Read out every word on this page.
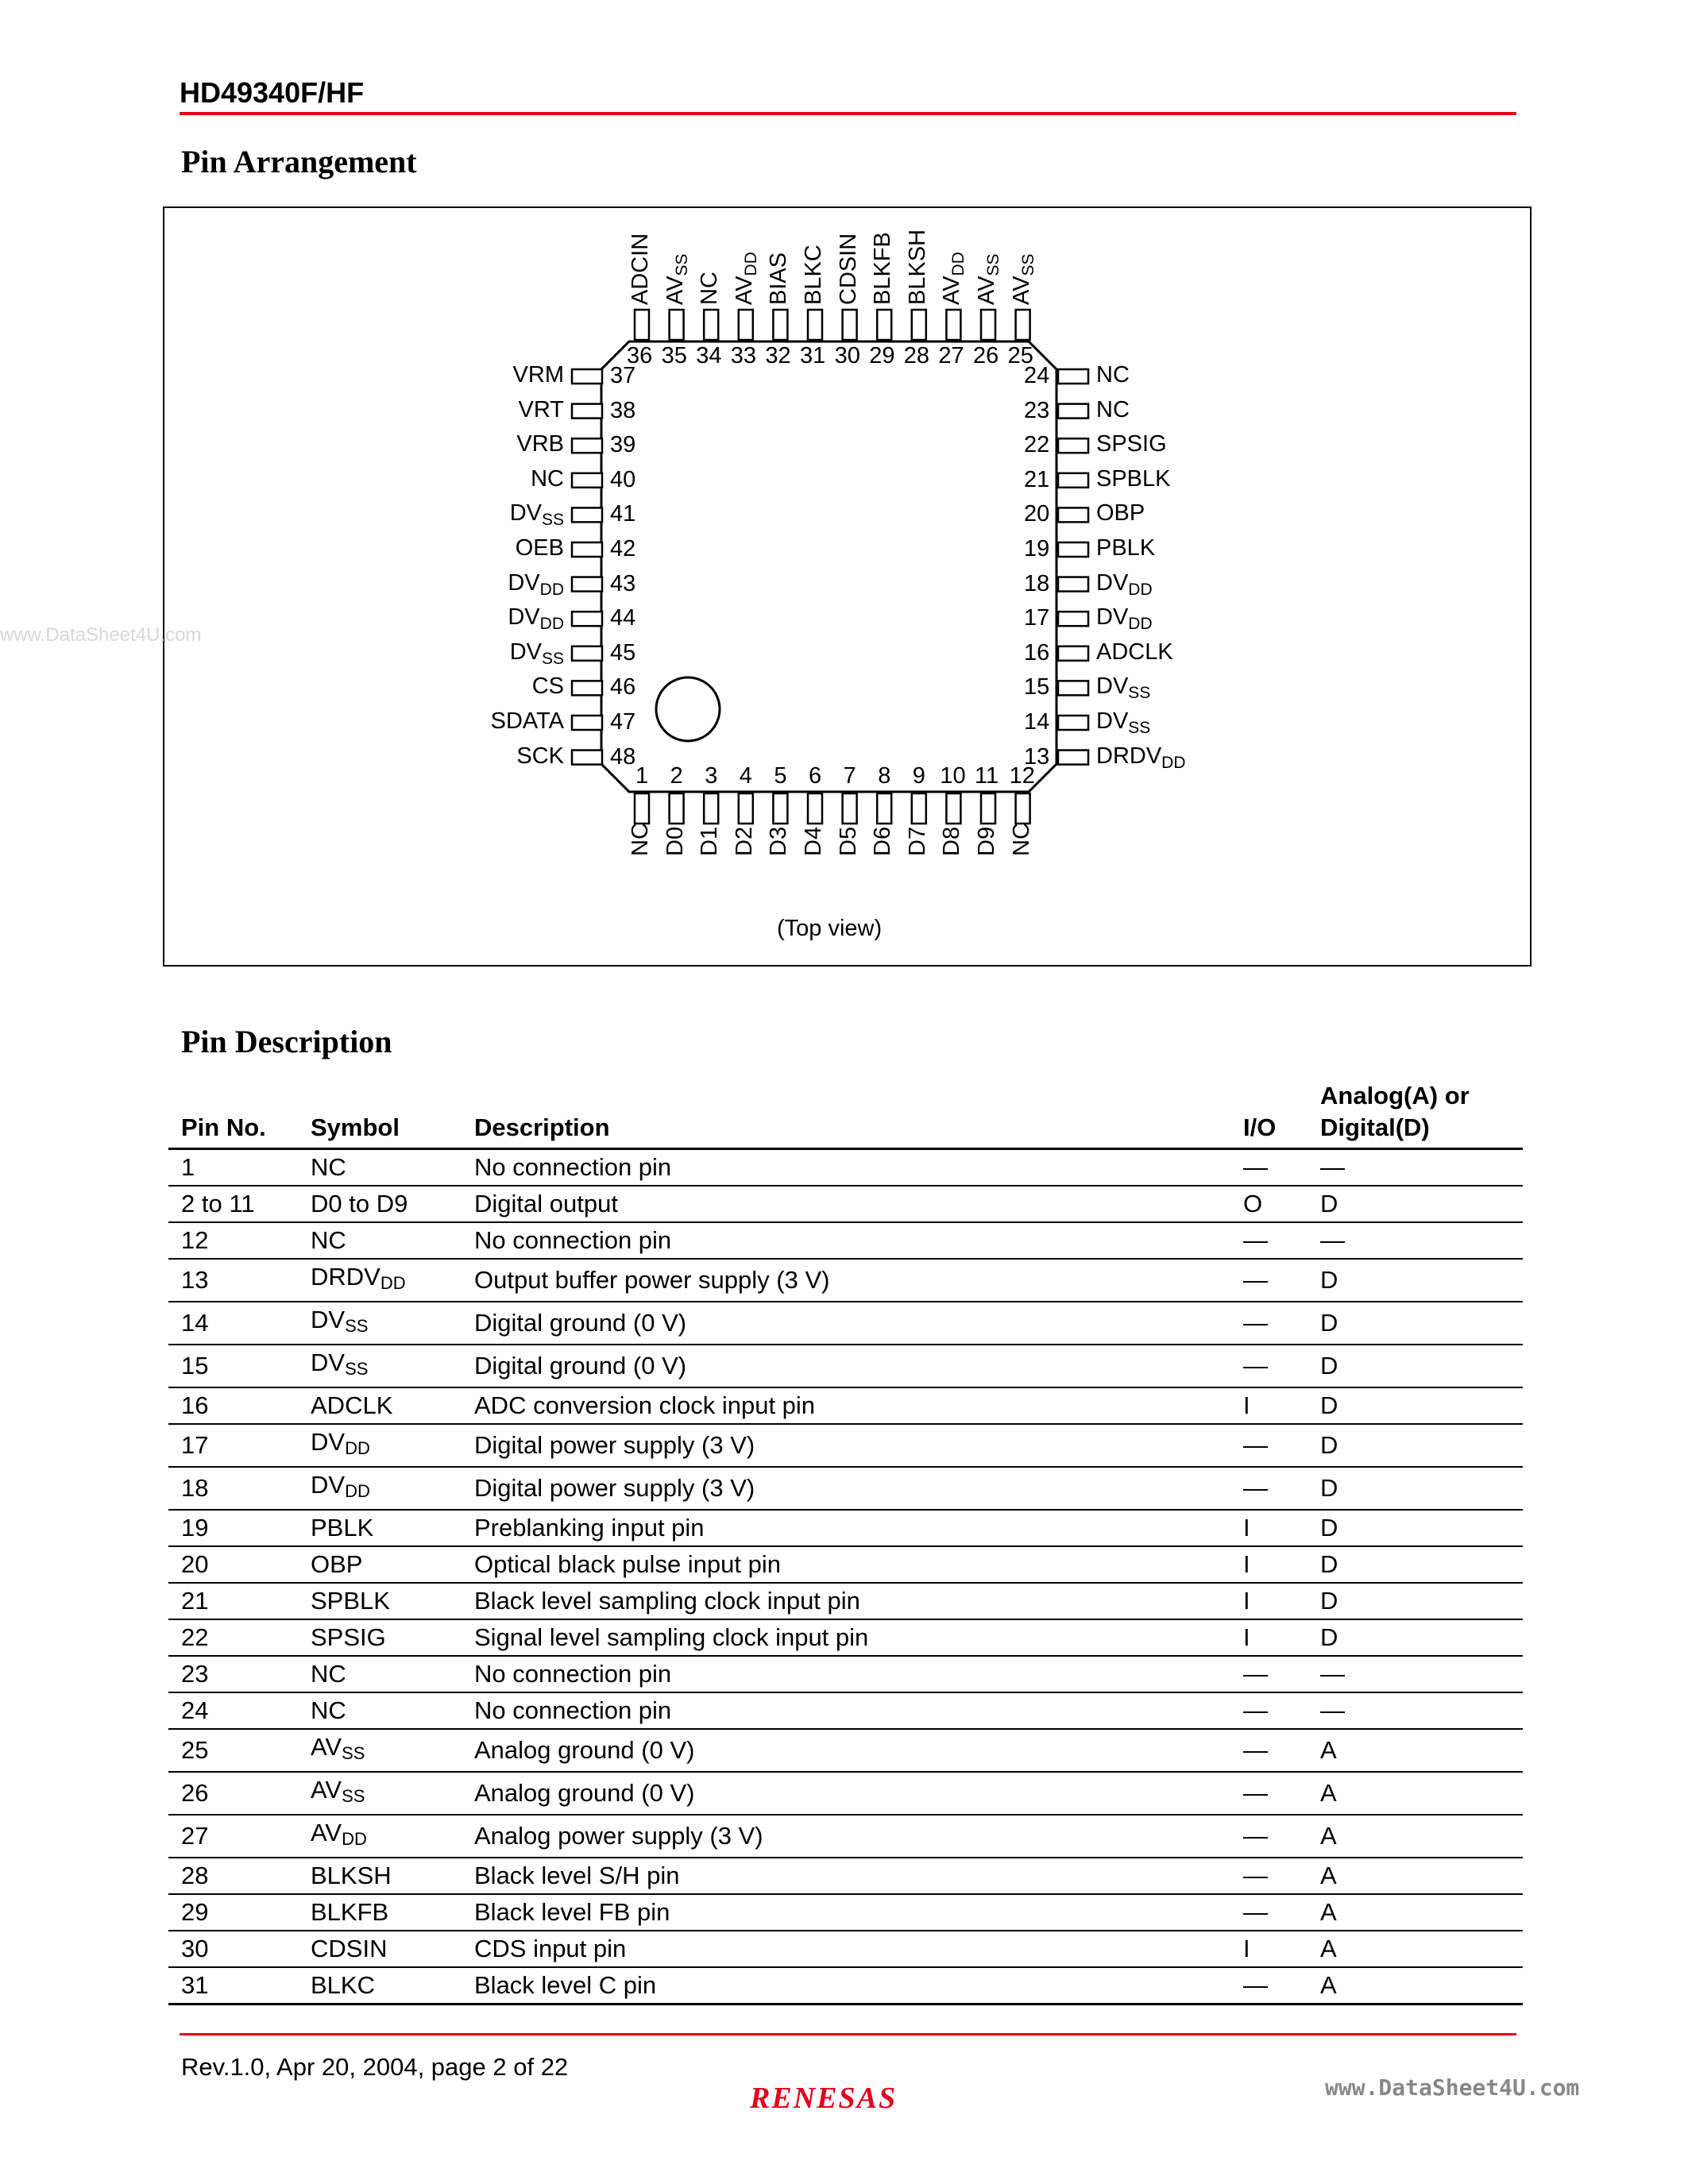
HD49340F/HF
Pin Arrangement
ADCIN
36
$AV_{SS}$
35
NC
34
$AV_{DD}$
33
BIAS
32
BLKC
31
CDSIN
30
BLKFB
29
BLKSH
28
$AV_{DD}$
27
$AV_{SS}$
26
$AV_{SS}$
25
NC
1
D0
2
D1
3
D2
4
D3
5
D4
6
D5
7
D6
8
D7
9
D8
10
D9
11
NC
12
VRM 37
VRT 38
VRB 39
NC 40
$DV_{SS}$ 41
OEB 42
$DV_{DD}$ 43
$DV_{DD}$ 44
$DV_{SS}$ 45
CS 46
SDATA 47
SCK 48
NC
24
NC
23
SPSIG
22
SPBLK
21
OBP
20
PBLK
19
$DV_{DD}$
18
$DV_{DD}$
17
ADCLK
16
$DV_{SS}$
15
$DV_{SS}$
14
$DRDV_{DD}$
13
(Top view)
Pin Description
Pin No.	Symbol	Description	I/O	Analog(A) or
Digital(D)
1	NC	No connection pin	—	—
2 to 11	D0 to D9	Digital output	O	D
12	NC	No connection pin	—	—
13	$DRDV_{DD}$	Output buffer power supply (3 V)	—	D
14	$DV_{SS}$	Digital ground (0 V)	—	D
15	$DV_{SS}$	Digital ground (0 V)	—	D
16	ADCLK	ADC conversion clock input pin	I	D
17	$DV_{DD}$	Digital power supply (3 V)	—	D
18	$DV_{DD}$	Digital power supply (3 V)	—	D
19	PBLK	Preblanking input pin	I	D
20	OBP	Optical black pulse input pin	I	D
21	SPBLK	Black level sampling clock input pin	I	D
22	SPSIG	Signal level sampling clock input pin	I	D
23	NC	No connection pin	—	—
24	NC	No connection pin	—	—
25	$AV_{SS}$	Analog ground (0 V)	—	A
26	$AV_{SS}$	Analog ground (0 V)	—	A
27	$AV_{DD}$	Analog power supply (3 V)	—	A
28	BLKSH	Black level S/H pin	—	A
29	BLKFB	Black level FB pin	—	A
30	CDSIN	CDS input pin	I	A
31	BLKC	Black level C pin	—	A
Rev.1.0, Apr 20, 2004, page 2 of 22
RENESAS
www.DataSheet4U.com
www.DataSheet4U.com
